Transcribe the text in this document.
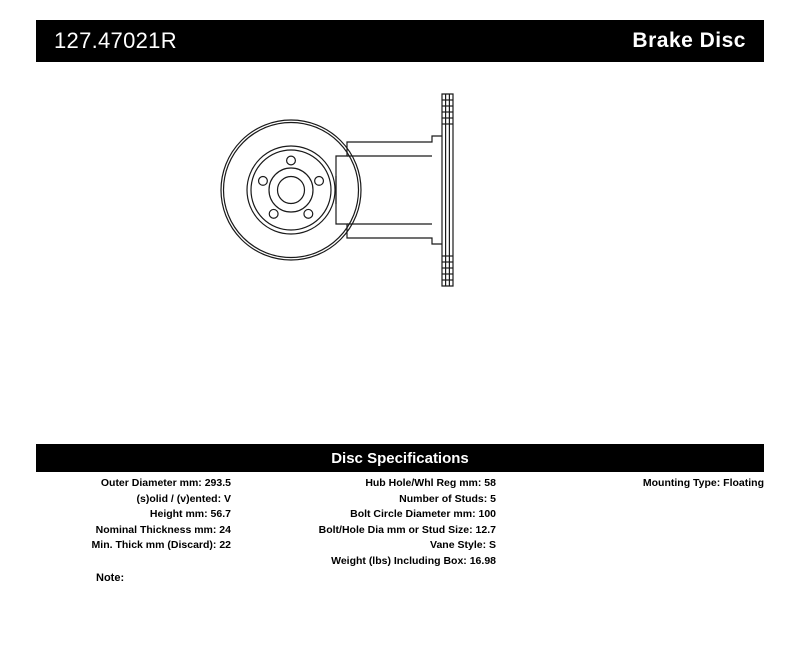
127.47021R	Brake Disc
Disc Specifications
Outer Diameter mm: 293.5
(s)olid / (v)ented: V
Height mm: 56.7
Nominal Thickness mm: 24
Min. Thick mm (Discard): 22
Hub Hole/Whl Reg mm: 58
Number of Studs: 5
Bolt Circle Diameter mm: 100
Bolt/Hole Dia mm or Stud Size: 12.7
Vane Style: S
Weight (lbs) Including Box: 16.98
Mounting Type: Floating
Note:
